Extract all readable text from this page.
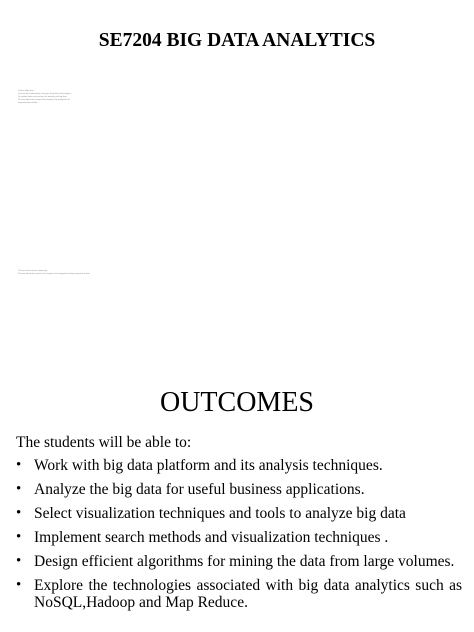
SE7204 BIG DATA ANALYTICS
Course objectives
To know the fundamental concepts of big data and analytics.
To explore tools and practices for working with big data
To know about the research that requires the integration of
large amounts of data
To learn about stream computing.
To know about the research that requires the integration of large amounts of data.
OUTCOMES
The students will be able to:
• Work with big data platform and its analysis techniques.
• Analyze the big data for useful business applications.
• Select visualization techniques and tools to analyze big data
• Implement search methods and visualization techniques .
• Design efficient algorithms for mining the data from large volumes.
• Explore the technologies associated with big data analytics such as NoSQL,Hadoop and Map Reduce.
